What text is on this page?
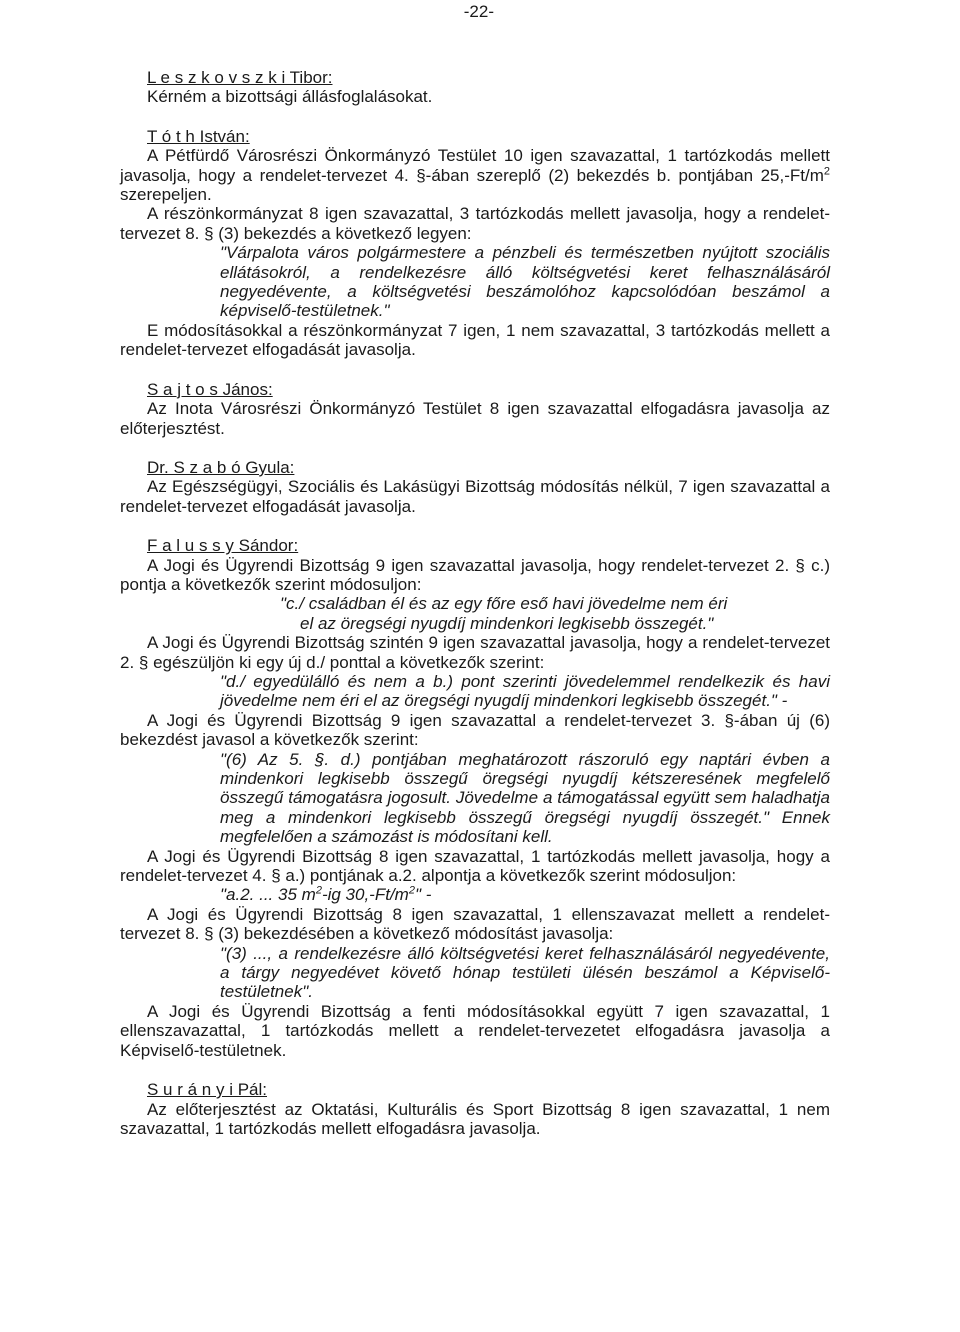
-22-
L e s z k o v s z k i Tibor:

Kérném a bizottsági állásfoglalásokat.

T ó t h István:

A Pétfürdő Városrészi Önkormányzó Testület 10 igen szavazattal, 1 tartózkodás mellett javasolja, hogy a rendelet-tervezet 4. §-ában szereplő (2) bekezdés b. pontjában $25,-Ft/m^2$ szerepeljen.

A részönkormányzat 8 igen szavazattal, 3 tartózkodás mellett javasolja, hogy a rendelet-tervezet 8. § (3) bekezdés a következő legyen:

"Várpalota város polgármestere a pénzbeli és természetben nyújtott szociális ellátásokról, a rendelkezésre álló költségvetési keret felhasználásáról negyedévente, a költségvetési beszámolóhoz kapcsolódóan beszámol a képviselő-testületnek."

E módosításokkal a részönkormányzat 7 igen, 1 nem szavazattal, 3 tartózkodás mellett a rendelet-tervezet elfogadását javasolja.

S a j t o s János:

Az Inota Városrészi Önkormányzó Testület 8 igen szavazattal elfogadásra javasolja az előterjesztést.

Dr. S z a b ó Gyula:

Az Egészségügyi, Szociális és Lakásügyi Bizottság módosítás nélkül, 7 igen szavazattal a rendelet-tervezet elfogadását javasolja.

F a l u s s y Sándor:

A Jogi és Ügyrendi Bizottság 9 igen szavazattal javasolja, hogy rendelet-tervezet 2. § c.) pontja a következők szerint módosuljon:

"c./ családban él és az egy főre eső havi jövedelme nem éri
el az öregségi nyugdíj mindenkori legkisebb összegét."

A Jogi és Ügyrendi Bizottság szintén 9 igen szavazattal javasolja, hogy a rendelet-tervezet 2. § egészüljön ki egy új d./ ponttal a következők szerint:

"d./ egyedülálló és nem a b.) pont szerinti jövedelemmel rendelkezik és havi jövedelme nem éri el az öregségi nyugdíj mindenkori legkisebb összegét." -

A Jogi és Ügyrendi Bizottság 9 igen szavazattal a rendelet-tervezet 3. §-ában új (6) bekezdést javasol a következők szerint:

"(6) Az 5. §. d.) pontjában meghatározott rászoruló egy naptári évben a mindenkori legkisebb összegű öregségi nyugdíj kétszeresének megfelelő összegű támogatásra jogosult. Jövedelme a támogatással együtt sem haladhatja meg a mindenkori legkisebb összegű öregségi nyugdíj összegét." Ennek megfelelően a számozást is módosítani kell.

A Jogi és Ügyrendi Bizottság 8 igen szavazattal, 1 tartózkodás mellett javasolja, hogy a rendelet-tervezet 4. § a.) pontjának a.2. alpontja a következők szerint módosuljon:

"a.2. ... 35 $m^2-ig$ $30,-Ft/m^2$" -

A Jogi és Ügyrendi Bizottság 8 igen szavazattal, 1 ellenszavazat mellett a rendelet-tervezet 8. § (3) bekezdésében a következő módosítást javasolja:

"(3) ..., a rendelkezésre álló költségvetési keret felhasználásáról negyedévente, a tárgy negyedévet követő hónap testületi ülésén beszámol a Képviselő-testületnek".

A Jogi és Ügyrendi Bizottság a fenti módosításokkal együtt 7 igen szavazattal, 1 ellenszavazattal, 1 tartózkodás mellett a rendelet-tervezetet elfogadásra javasolja a Képviselő-testületnek.

S u r á n y i Pál:

Az előterjesztést az Oktatási, Kulturális és Sport Bizottság 8 igen szavazattal, 1 nem szavazattal, 1 tartózkodás mellett elfogadásra javasolja.
